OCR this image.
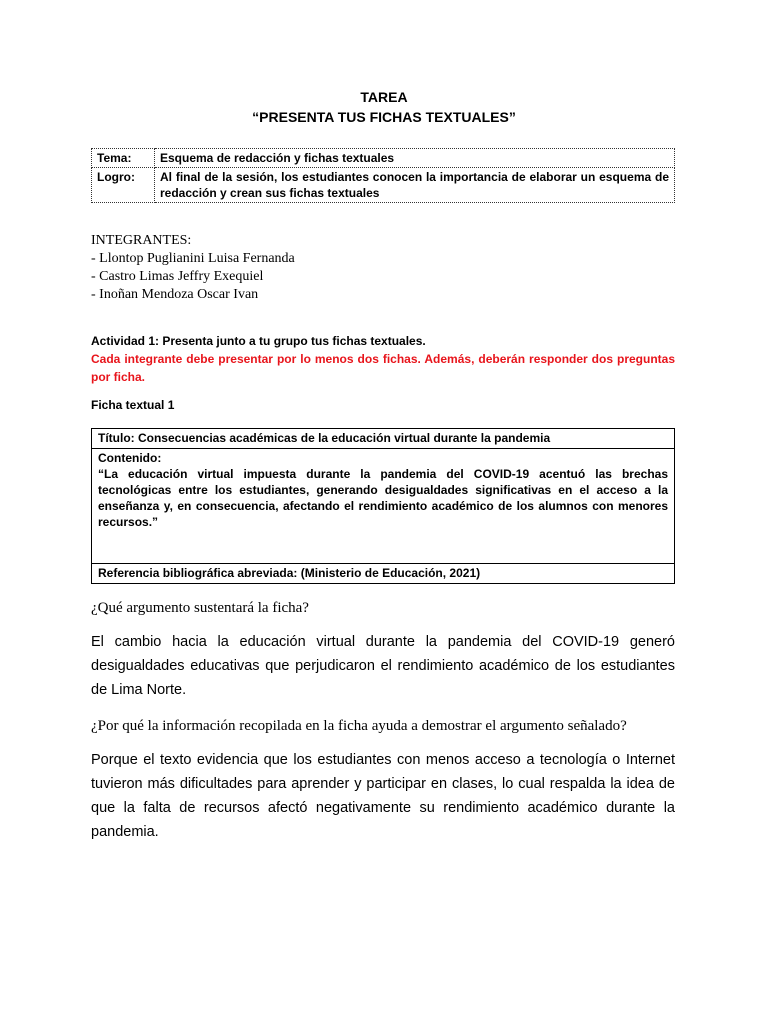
TAREA
“PRESENTA TUS FICHAS TEXTUALES”
Tema:	Esquema de redacción y fichas textuales
Logro:	Al final de la sesión, los estudiantes conocen la importancia de elaborar un esquema de redacción y crean sus fichas textuales
INTEGRANTES:
- Llontop Puglianini Luisa Fernanda
- Castro Limas Jeffry Exequiel
- Inoñan Mendoza Oscar Ivan
Actividad 1: Presenta junto a tu grupo tus fichas textuales.
Cada integrante debe presentar por lo menos dos fichas. Además, deberán responder dos preguntas por ficha.
Ficha textual 1
Título: Consecuencias académicas de la educación virtual durante la pandemia
Contenido:
“La educación virtual impuesta durante la pandemia del COVID-19 acentuó las brechas tecnológicas entre los estudiantes, generando desigualdades significativas en el acceso a la enseñanza y, en consecuencia, afectando el rendimiento académico de los alumnos con menores recursos.”
Referencia bibliográfica abreviada: (Ministerio de Educación, 2021)
¿Qué argumento sustentará la ficha?
El cambio hacia la educación virtual durante la pandemia del COVID-19 generó desigualdades educativas que perjudicaron el rendimiento académico de los estudiantes de Lima Norte.
¿Por qué la información recopilada en la ficha ayuda a demostrar el argumento señalado?
Porque el texto evidencia que los estudiantes con menos acceso a tecnología o Internet tuvieron más dificultades para aprender y participar en clases, lo cual respalda la idea de que la falta de recursos afectó negativamente su rendimiento académico durante la pandemia.
